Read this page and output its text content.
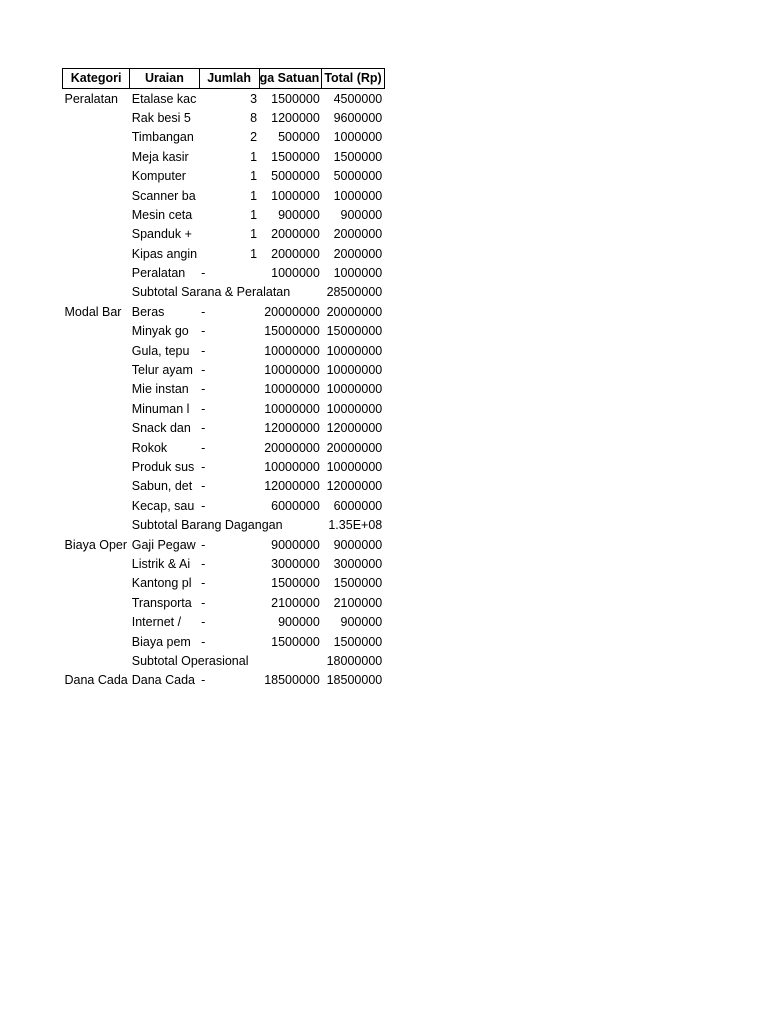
Kategori	Uraian	Jumlah	ga Satuan	Total (Rp)
Peralatan	Etalase kac	3	1500000	4500000
	Rak besi 5	8	1200000	9600000
	Timbangan	2	500000	1000000
	Meja kasir	1	1500000	1500000
	Komputer	1	5000000	5000000
	Scanner ba	1	1000000	1000000
	Mesin ceta	1	900000	900000
	Spanduk +	1	2000000	2000000
	Kipas angin	1	2000000	2000000
	Peralatan	-	1000000	1000000
	Subtotal Sarana & Peralatan			28500000
Modal Bar	Beras	-	20000000	20000000
	Minyak go	-	15000000	15000000
	Gula, tepu	-	10000000	10000000
	Telur ayam	-	10000000	10000000
	Mie instan	-	10000000	10000000
	Minuman l	-	10000000	10000000
	Snack dan	-	12000000	12000000
	Rokok	-	20000000	20000000
	Produk sus	-	10000000	10000000
	Sabun, det	-	12000000	12000000
	Kecap, sau	-	6000000	6000000
	Subtotal Barang Dagangan			1.35E+08
Biaya Oper	Gaji Pegaw	-	9000000	9000000
	Listrik & Ai	-	3000000	3000000
	Kantong pl	-	1500000	1500000
	Transporta	-	2100000	2100000
	Internet /	-	900000	900000
	Biaya pem	-	1500000	1500000
	Subtotal Operasional			18000000
Dana Cada	Dana Cada	-	18500000	18500000
